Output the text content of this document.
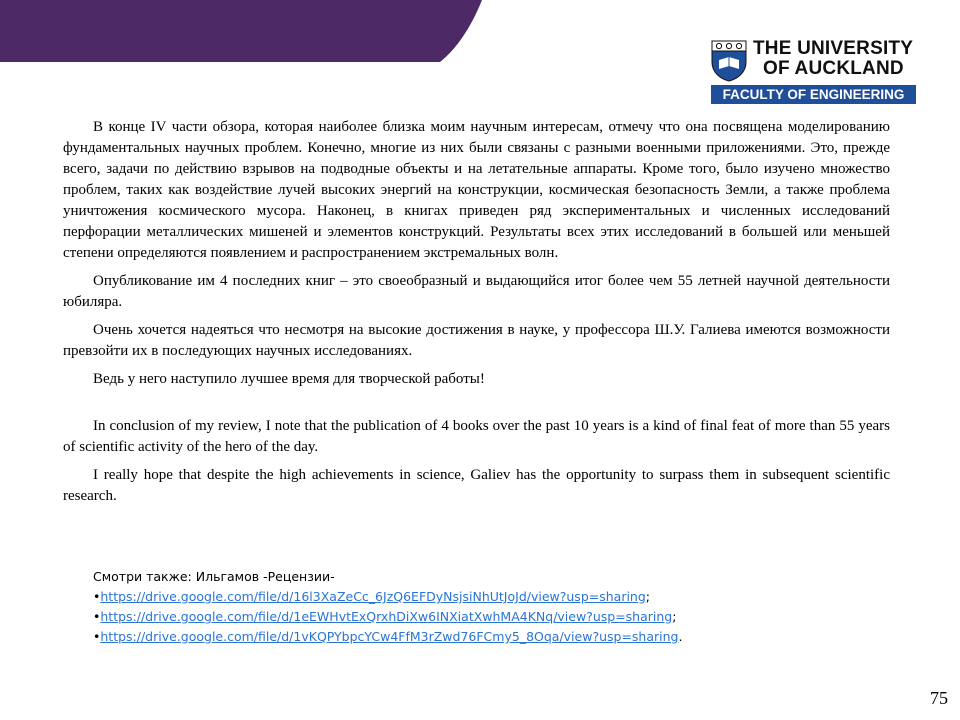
THE UNIVERSITY
OF AUCKLAND
FACULTY OF ENGINEERING

В конце IV части обзора, которая наиболее близка моим научным интересам, отмечу что она посвящена моделированию фундаментальных научных проблем. Конечно, многие из них были связаны с разными военными приложениями. Это, прежде всего, задачи по действию взрывов на подводные объекты и на летательные аппараты. Кроме того, было изучено множество проблем, таких как воздействие лучей высоких энергий на конструкции, космическая безопасность Земли, а также проблема уничтожения космического мусора. Наконец, в книгах приведен ряд экспериментальных и численных исследований перфорации металлических мишеней и элементов конструкций. Результаты всех этих исследований в большей или меньшей степени определяются появлением и распространением экстремальных волн.

Опубликование им 4 последних книг – это своеобразный и выдающийся итог более чем 55 летней научной деятельности юбиляра.

Очень хочется надеяться что несмотря на высокие достижения в науке, у профессора Ш.У. Галиева имеются возможности превзойти их в последующих научных исследованиях.

Ведь у него наступило лучшее время для творческой работы!

In conclusion of my review, I note that the publication of 4 books over the past 10 years is a kind of final feat of more than 55 years of scientific activity of the hero of the day.

I really hope that despite the high achievements in science, Galiev has the opportunity to surpass them in subsequent scientific research.

Смотри также: Ильгамов -Рецензии-
•https://drive.google.com/file/d/16l3XaZeCc_6JzQ6EFDyNsjsiNhUtJoJd/view?usp=sharing;
•https://drive.google.com/file/d/1eEWHvtExQrxhDiXw6INXiatXwhMA4KNq/view?usp=sharing;
•https://drive.google.com/file/d/1vKQPYbpcYCw4FfM3rZwd76FCmy5_8Oqa/view?usp=sharing.
75
